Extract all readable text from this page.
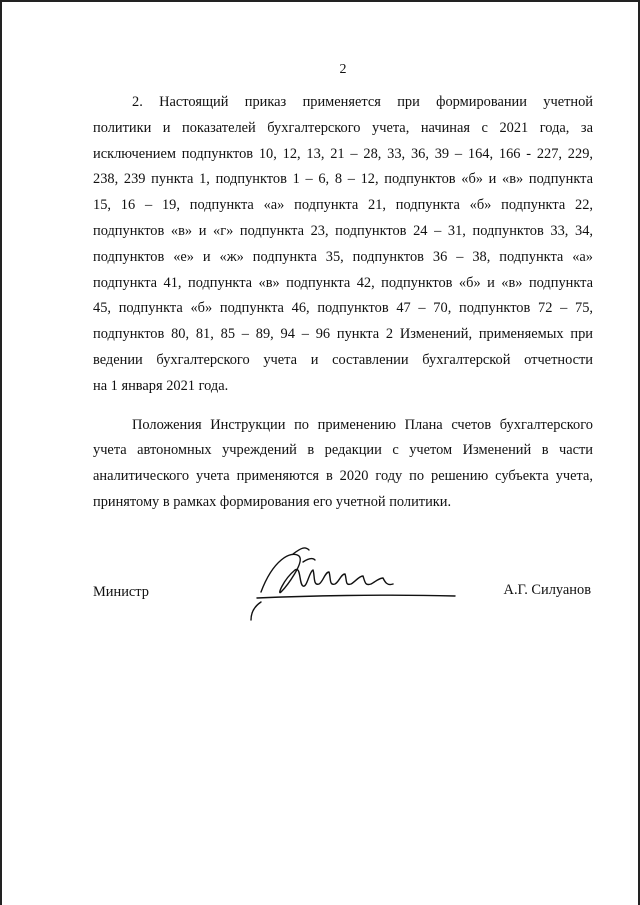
2

2. Настоящий приказ применяется при формировании учетной
политики и показателей бухгалтерского учета, начиная с 2021 года, за
исключением подпунктов 10, 12, 13, 21 – 28, 33, 36, 39 – 164, 166 - 227, 229,
238, 239 пункта 1, подпунктов 1 – 6, 8 – 12, подпунктов «б» и «в» подпункта
15, 16 – 19, подпункта «а» подпункта 21, подпункта «б» подпункта 22,
подпунктов «в» и «г» подпункта 23, подпунктов 24 – 31, подпунктов 33, 34,
подпунктов «е» и «ж» подпункта 35, подпунктов 36 – 38, подпункта «а»
подпункта 41, подпункта «в» подпункта 42, подпунктов «б» и «в» подпункта
45, подпункта «б» подпункта 46, подпунктов 47 – 70, подпунктов 72 – 75,
подпунктов 80, 81, 85 – 89, 94 – 96 пункта 2 Изменений, применяемых при
ведении бухгалтерского учета и составлении бухгалтерской отчетности
на 1 января 2021 года.

Положения Инструкции по применению Плана счетов бухгалтерского
учета автономных учреждений в редакции с учетом Изменений в части
аналитического учета применяются в 2020 году по решению субъекта учета,
принятому в рамках формирования его учетной политики.

Министр	А.Г. Силуанов
